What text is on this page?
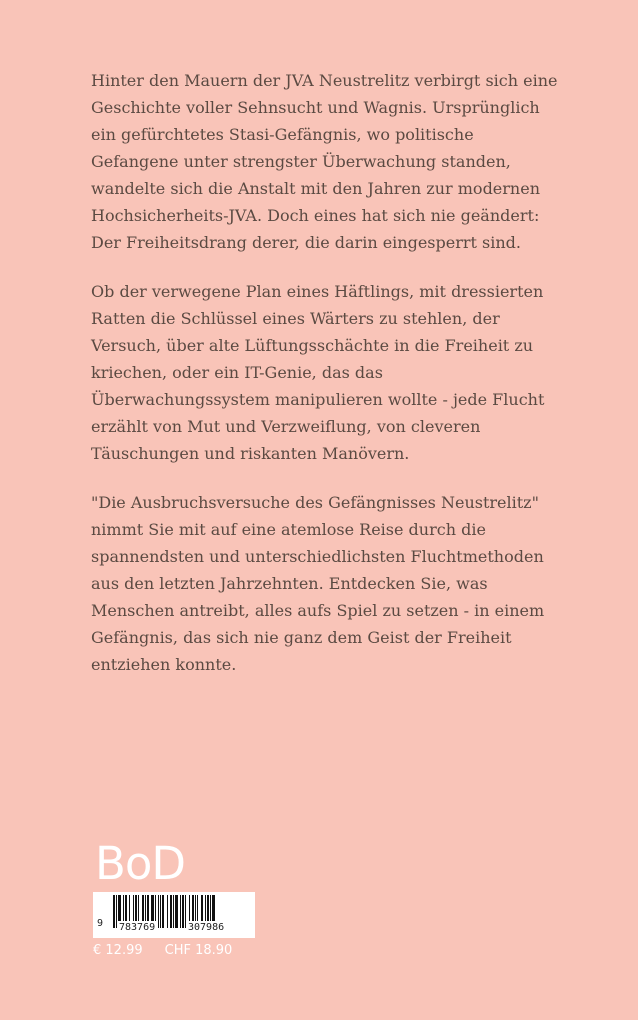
Hinter den Mauern der JVA Neustrelitz verbirgt sich eine
Geschichte voller Sehnsucht und Wagnis. Ursprünglich
ein gefürchtetes Stasi-Gefängnis, wo politische
Gefangene unter strengster Überwachung standen,
wandelte sich die Anstalt mit den Jahren zur modernen
Hochsicherheits-JVA. Doch eines hat sich nie geändert:
Der Freiheitsdrang derer, die darin eingesperrt sind.

Ob der verwegene Plan eines Häftlings, mit dressierten
Ratten die Schlüssel eines Wärters zu stehlen, der
Versuch, über alte Lüftungsschächte in die Freiheit zu
kriechen, oder ein IT-Genie, das das
Überwachungssystem manipulieren wollte - jede Flucht
erzählt von Mut und Verzweiflung, von cleveren
Täuschungen und riskanten Manövern.

"Die Ausbruchsversuche des Gefängnisses Neustrelitz"
nimmt Sie mit auf eine atemlose Reise durch die
spannendsten und unterschiedlichsten Fluchtmethoden
aus den letzten Jahrzehnten. Entdecken Sie, was
Menschen antreibt, alles aufs Spiel zu setzen - in einem
Gefängnis, das sich nie ganz dem Geist der Freiheit
entziehen konnte.

BoD
9 783769	307986
€ 12.99 CHF 18.90
